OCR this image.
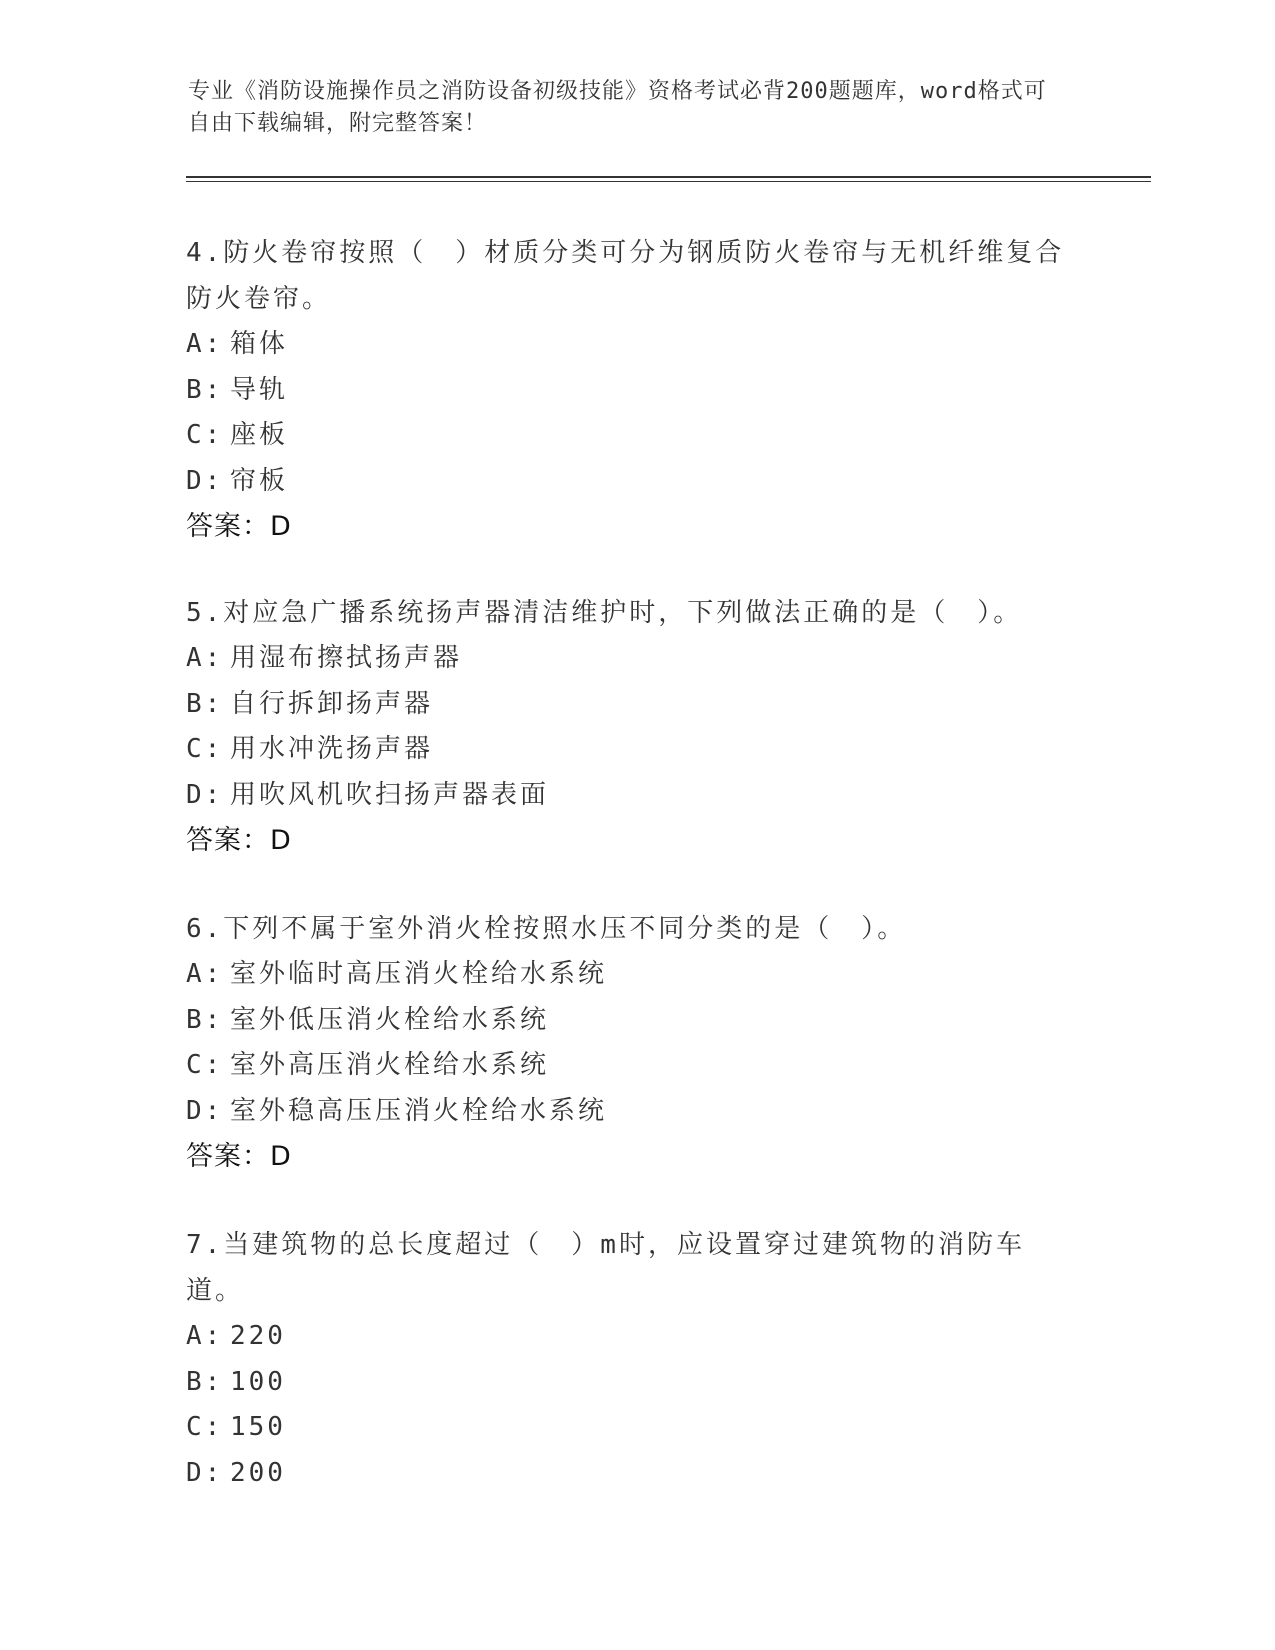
专业《消防设施操作员之消防设备初级技能》资格考试必背200题题库，word格式可自由下载编辑，附完整答案！

4.防火卷帘按照（　）材质分类可分为钢质防火卷帘与无机纤维复合防火卷帘。

A: 箱体
B: 导轨
C: 座板
D: 帘板
答案：D

5.对应急广播系统扬声器清洁维护时，下列做法正确的是（　）。

A: 用湿布擦拭扬声器
B: 自行拆卸扬声器
C: 用水冲洗扬声器
D: 用吹风机吹扫扬声器表面
答案：D

6.下列不属于室外消火栓按照水压不同分类的是（　）。

A: 室外临时高压消火栓给水系统
B: 室外低压消火栓给水系统
C: 室外高压消火栓给水系统
D: 室外稳高压压消火栓给水系统
答案：D

7.当建筑物的总长度超过（　）m时，应设置穿过建筑物的消防车道。

A: 220
B: 100
C: 150
D: 200
